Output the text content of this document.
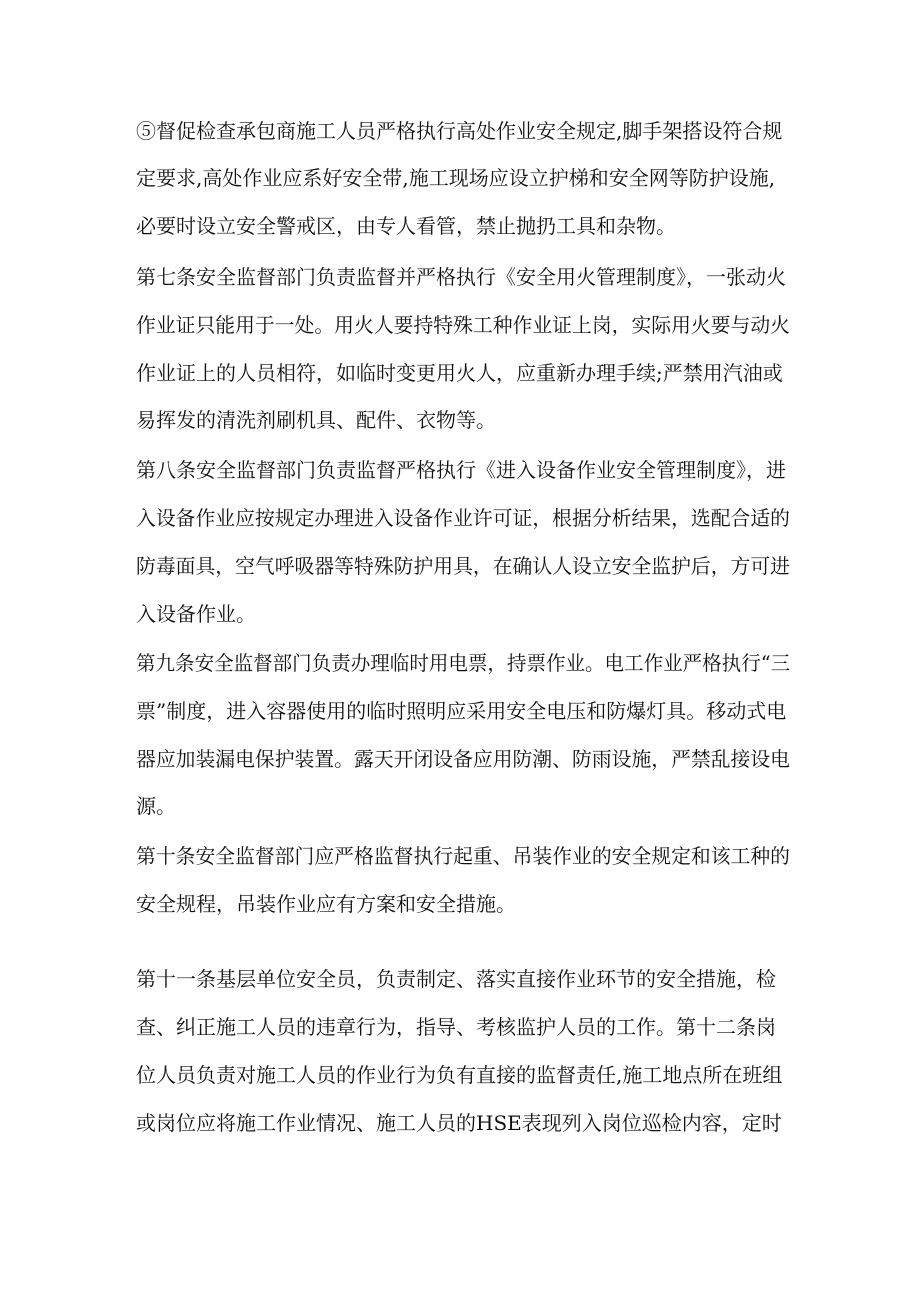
⑤督促检查承包商施工人员严格执行高处作业安全规定,脚手架搭设符合规
定要求,高处作业应系好安全带,施工现场应设立护梯和安全网等防护设施,
必要时设立安全警戒区，由专人看管，禁止抛扔工具和杂物。
第七条安全监督部门负责监督并严格执行《安全用火管理制度》，一张动火
作业证只能用于一处。用火人要持特殊工种作业证上岗，实际用火要与动火
作业证上的人员相符，如临时变更用火人，应重新办理手续;严禁用汽油或
易挥发的清洗剂刷机具、配件、衣物等。
第八条安全监督部门负责监督严格执行《进入设备作业安全管理制度》，进
入设备作业应按规定办理进入设备作业许可证，根据分析结果，选配合适的
防毒面具，空气呼吸器等特殊防护用具，在确认人设立安全监护后，方可进
入设备作业。
第九条安全监督部门负责办理临时用电票，持票作业。电工作业严格执行“三
票”制度，进入容器使用的临时照明应采用安全电压和防爆灯具。移动式电
器应加装漏电保护装置。露天开闭设备应用防潮、防雨设施，严禁乱接设电
源。
第十条安全监督部门应严格监督执行起重、吊装作业的安全规定和该工种的
安全规程，吊装作业应有方案和安全措施。
第十一条基层单位安全员，负责制定、落实直接作业环节的安全措施，检
查、纠正施工人员的违章行为，指导、考核监护人员的工作。第十二条岗
位人员负责对施工人员的作业行为负有直接的监督责任,施工地点所在班组
或岗位应将施工作业情况、施工人员的HSE表现列入岗位巡检内容，定时
